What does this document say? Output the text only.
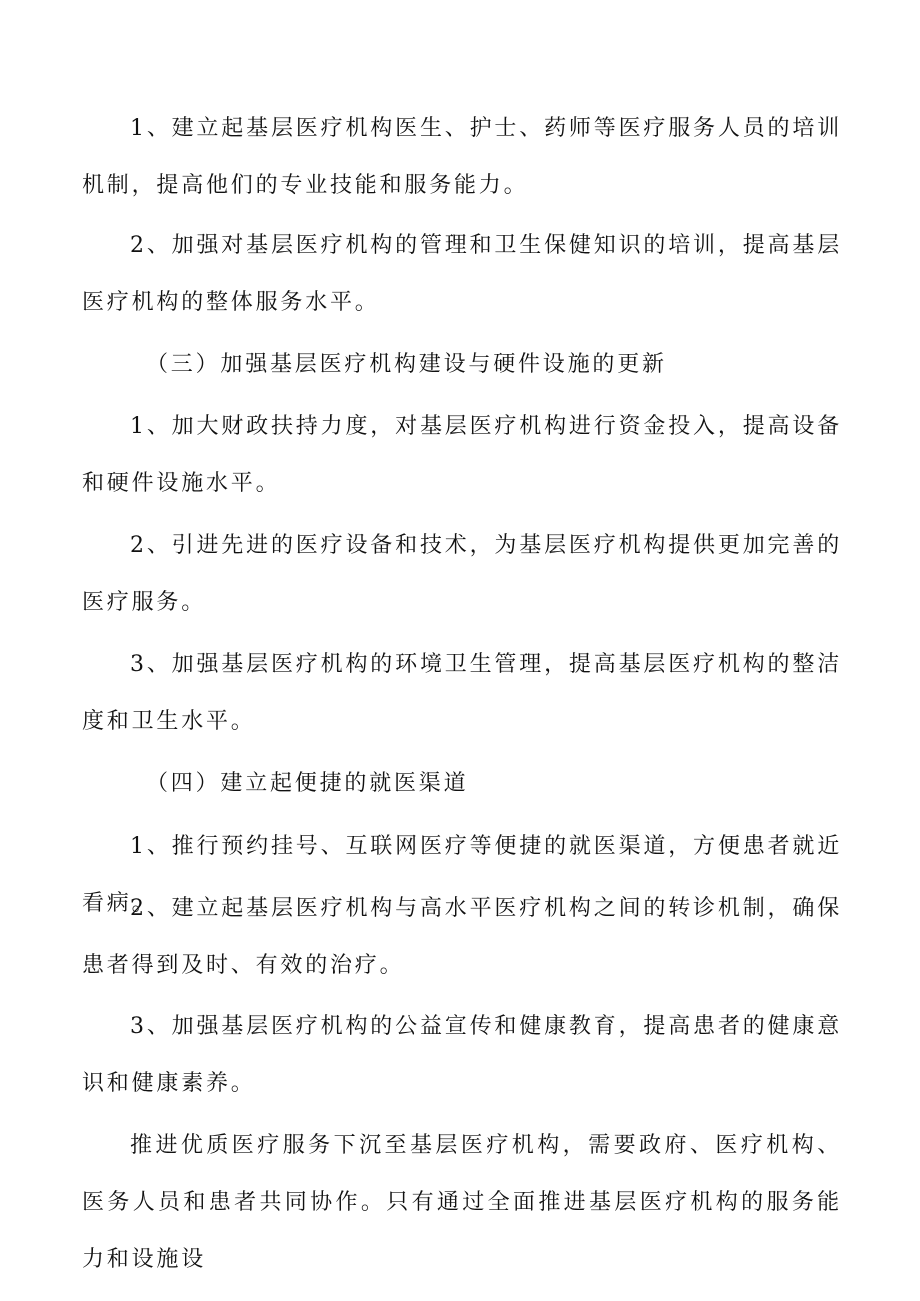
1、建立起基层医疗机构医生、护士、药师等医疗服务人员的培训机制，提高他们的专业技能和服务能力。

2、加强对基层医疗机构的管理和卫生保健知识的培训，提高基层医疗机构的整体服务水平。

（三）加强基层医疗机构建设与硬件设施的更新

1、加大财政扶持力度，对基层医疗机构进行资金投入，提高设备和硬件设施水平。

2、引进先进的医疗设备和技术，为基层医疗机构提供更加完善的医疗服务。

3、加强基层医疗机构的环境卫生管理，提高基层医疗机构的整洁度和卫生水平。

（四）建立起便捷的就医渠道

1、推行预约挂号、互联网医疗等便捷的就医渠道，方便患者就近看病。

2、建立起基层医疗机构与高水平医疗机构之间的转诊机制，确保患者得到及时、有效的治疗。

3、加强基层医疗机构的公益宣传和健康教育，提高患者的健康意识和健康素养。

推进优质医疗服务下沉至基层医疗机构，需要政府、医疗机构、医务人员和患者共同协作。只有通过全面推进基层医疗机构的服务能力和设施设
